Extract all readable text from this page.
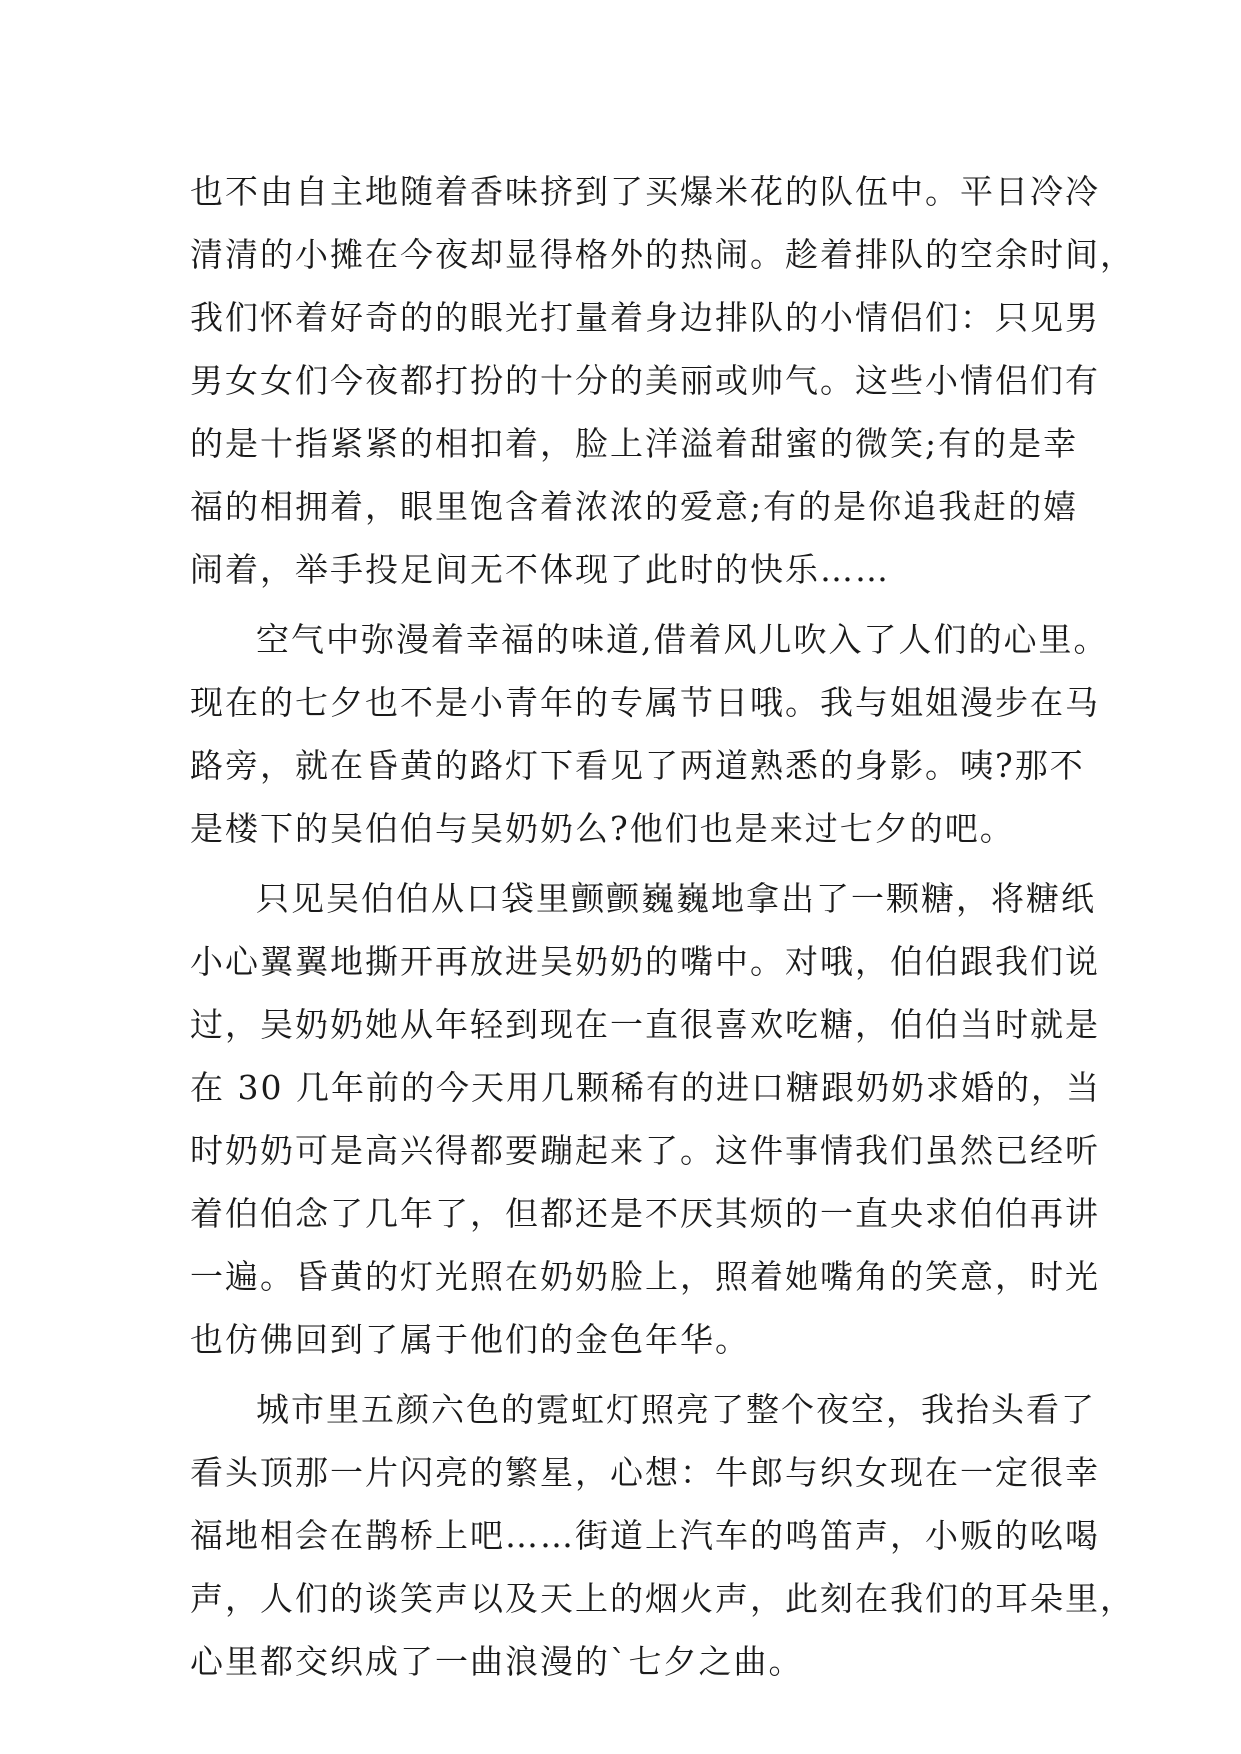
也不由自主地随着香味挤到了买爆米花的队伍中。平日冷冷
清清的小摊在今夜却显得格外的热闹。趁着排队的空余时间，
我们怀着好奇的的眼光打量着身边排队的小情侣们：只见男
男女女们今夜都打扮的十分的美丽或帅气。这些小情侣们有
的是十指紧紧的相扣着，脸上洋溢着甜蜜的微笑;有的是幸
福的相拥着，眼里饱含着浓浓的爱意;有的是你追我赶的嬉
闹着，举手投足间无不体现了此时的快乐……
空气中弥漫着幸福的味道,借着风儿吹入了人们的心里。
现在的七夕也不是小青年的专属节日哦。我与姐姐漫步在马
路旁，就在昏黄的路灯下看见了两道熟悉的身影。咦?那不
是楼下的吴伯伯与吴奶奶么?他们也是来过七夕的吧。
只见吴伯伯从口袋里颤颤巍巍地拿出了一颗糖，将糖纸
小心翼翼地撕开再放进吴奶奶的嘴中。对哦，伯伯跟我们说
过，吴奶奶她从年轻到现在一直很喜欢吃糖，伯伯当时就是
在 30 几年前的今天用几颗稀有的进口糖跟奶奶求婚的，当
时奶奶可是高兴得都要蹦起来了。这件事情我们虽然已经听
着伯伯念了几年了，但都还是不厌其烦的一直央求伯伯再讲
一遍。昏黄的灯光照在奶奶脸上，照着她嘴角的笑意，时光
也仿佛回到了属于他们的金色年华。
城市里五颜六色的霓虹灯照亮了整个夜空，我抬头看了
看头顶那一片闪亮的繁星，心想：牛郎与织女现在一定很幸
福地相会在鹊桥上吧……街道上汽车的鸣笛声，小贩的吆喝
声，人们的谈笑声以及天上的烟火声，此刻在我们的耳朵里，
心里都交织成了一曲浪漫的`七夕之曲。
